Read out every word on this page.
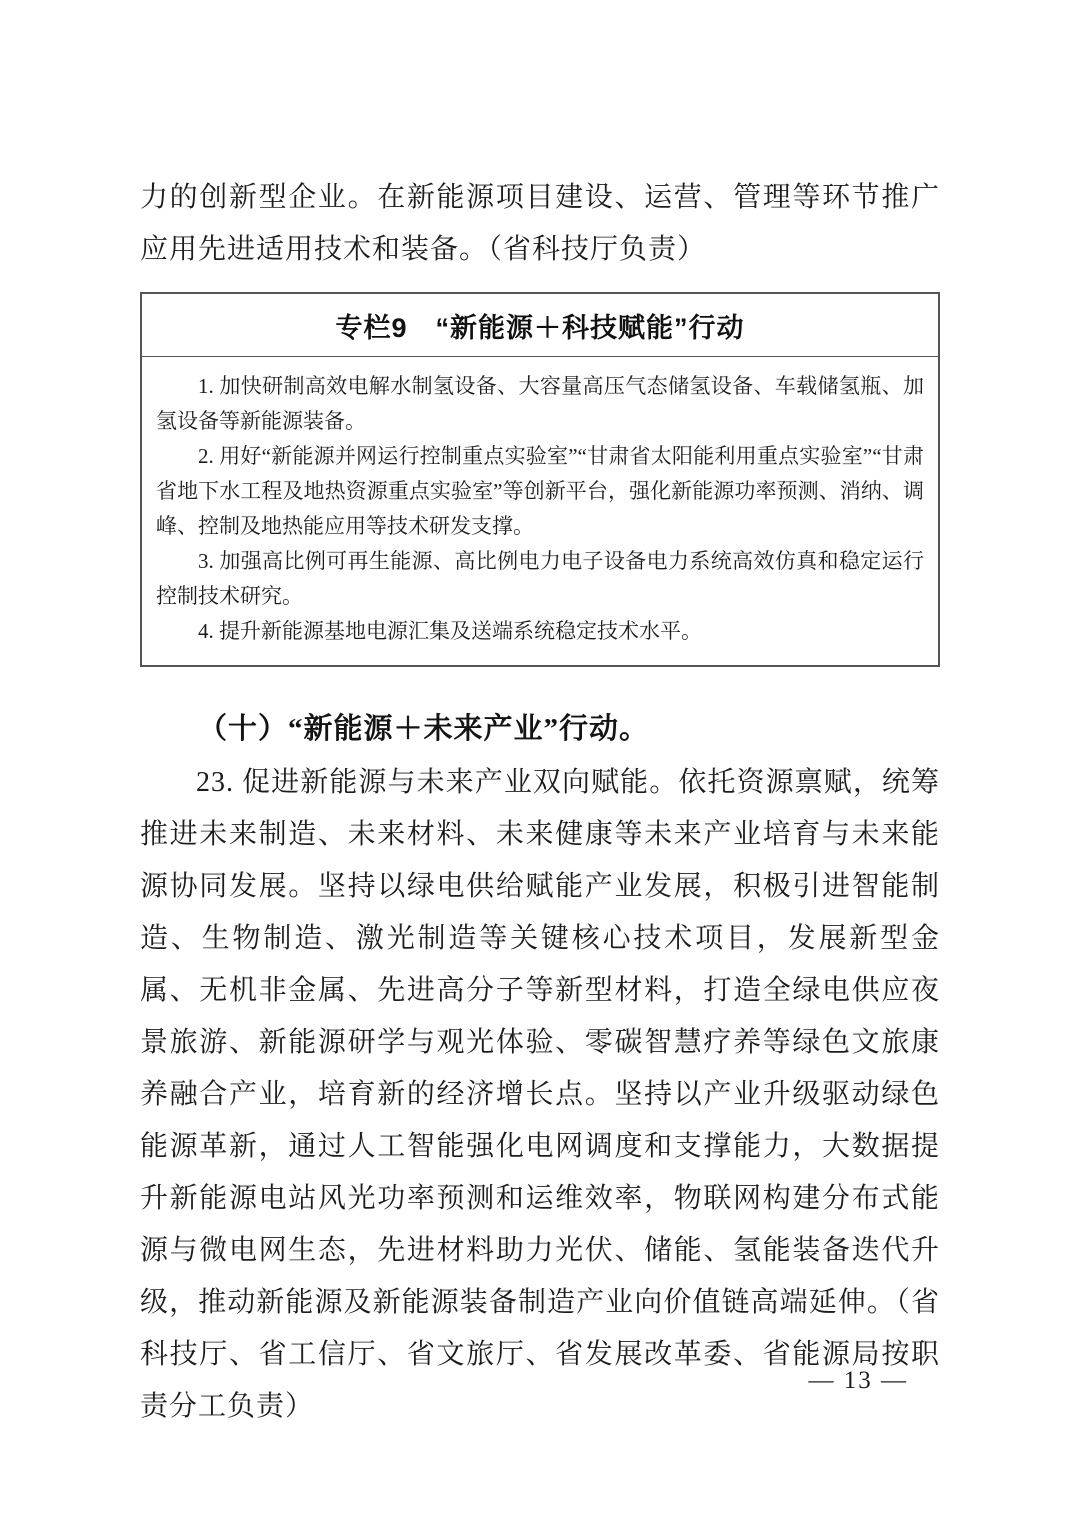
力的创新型企业。在新能源项目建设、运营、管理等环节推广应用先进适用技术和装备。（省科技厅负责）

专栏9　“新能源＋科技赋能”行动

1. 加快研制高效电解水制氢设备、大容量高压气态储氢设备、车载储氢瓶、加氢设备等新能源装备。

2. 用好“新能源并网运行控制重点实验室”“甘肃省太阳能利用重点实验室”“甘肃省地下水工程及地热资源重点实验室”等创新平台，强化新能源功率预测、消纳、调峰、控制及地热能应用等技术研发支撑。

3. 加强高比例可再生能源、高比例电力电子设备电力系统高效仿真和稳定运行控制技术研究。

4. 提升新能源基地电源汇集及送端系统稳定技术水平。

（十）“新能源＋未来产业”行动。

23. 促进新能源与未来产业双向赋能。依托资源禀赋，统筹推进未来制造、未来材料、未来健康等未来产业培育与未来能源协同发展。坚持以绿电供给赋能产业发展，积极引进智能制造、生物制造、激光制造等关键核心技术项目，发展新型金属、无机非金属、先进高分子等新型材料，打造全绿电供应夜景旅游、新能源研学与观光体验、零碳智慧疗养等绿色文旅康养融合产业，培育新的经济增长点。坚持以产业升级驱动绿色能源革新，通过人工智能强化电网调度和支撑能力，大数据提升新能源电站风光功率预测和运维效率，物联网构建分布式能源与微电网生态，先进材料助力光伏、储能、氢能装备迭代升级，推动新能源及新能源装备制造产业向价值链高端延伸。（省科技厅、省工信厅、省文旅厅、省发展改革委、省能源局按职责分工负责）

— 13 —
